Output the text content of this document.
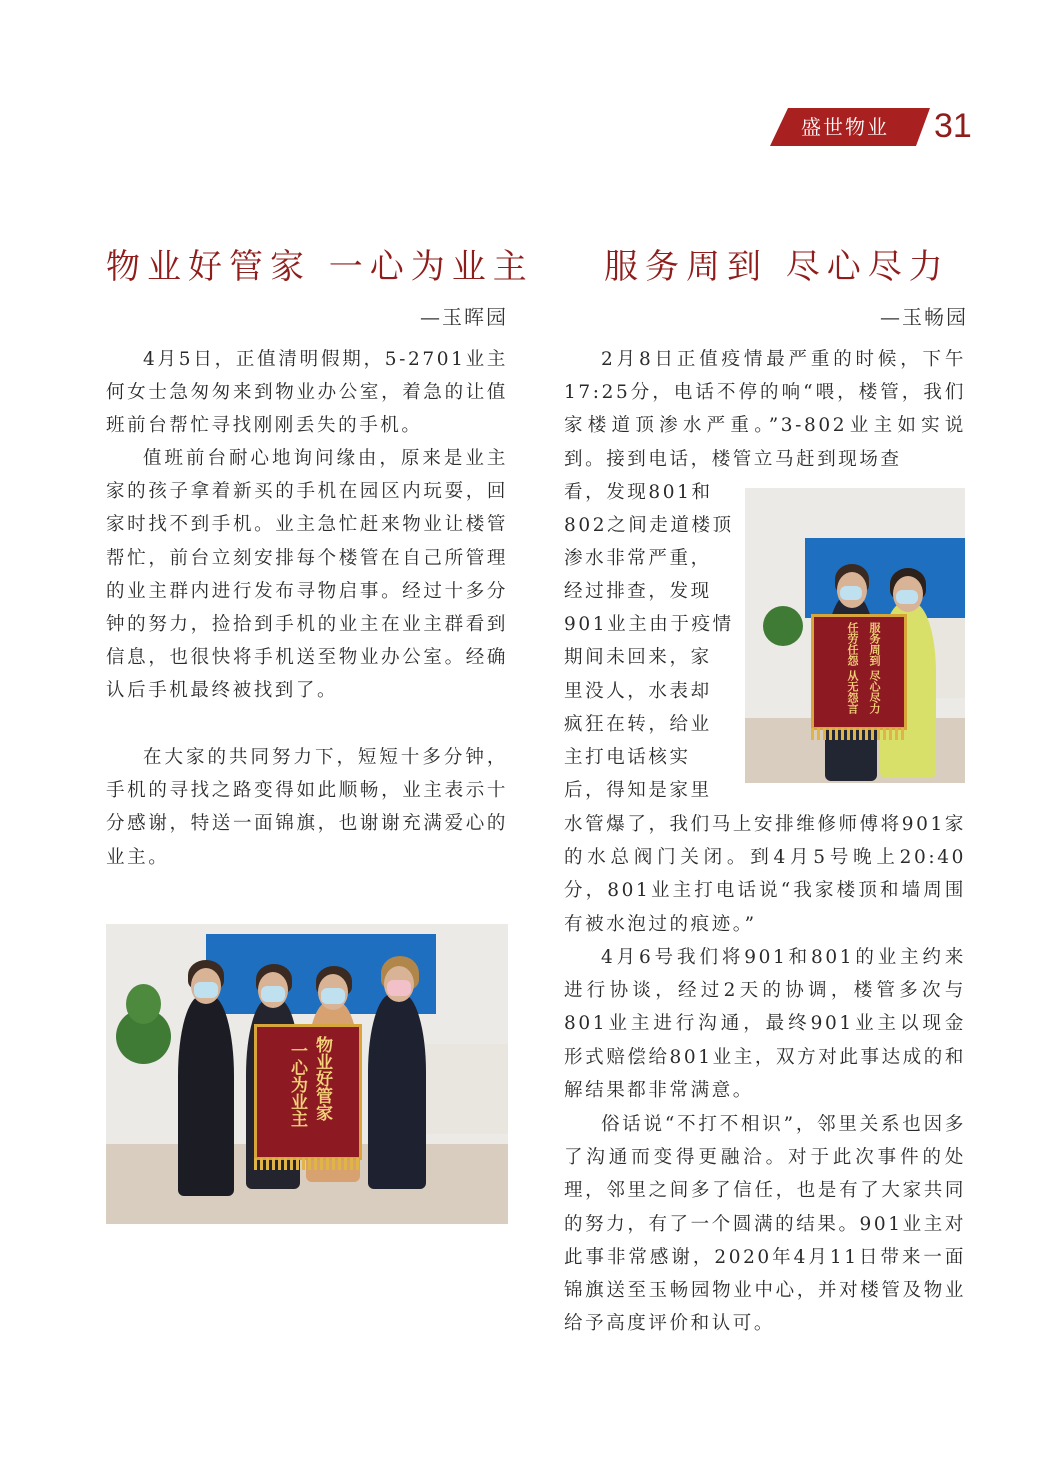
盛世物业	31
物业好管家 一心为业主
—玉晖园

4月5日，正值清明假期，5-2701业主何女士急匆匆来到物业办公室，着急的让值班前台帮忙寻找刚刚丢失的手机。

值班前台耐心地询问缘由，原来是业主家的孩子拿着新买的手机在园区内玩耍，回家时找不到手机。业主急忙赶来物业让楼管帮忙，前台立刻安排每个楼管在自己所管理的业主群内进行发布寻物启事。经过十多分钟的努力，捡拾到手机的业主在业主群看到信息，也很快将手机送至物业办公室。经确认后手机最终被找到了。

在大家的共同努力下，短短十多分钟，手机的寻找之路变得如此顺畅，业主表示十分感谢，特送一面锦旗，也谢谢充满爱心的业主。

物业好管家
一心为业主
服务周到 尽心尽力
—玉畅园

2月8日正值疫情最严重的时候，下午17:25分，电话不停的响“喂，楼管，我们家楼道顶渗水严重。”3-802业主如实说到。接到电话，楼管立马赶到现场查

看，发现801和

802之间走道楼顶

渗水非常严重，

经过排查，发现

901业主由于疫情

期间未回来，家

里没人，水表却

疯狂在转，给业

主打电话核实

后，得知是家里

水管爆了，我们马上安排维修师傅将901家的水总阀门关闭。到4月5号晚上20:40分，801业主打电话说“我家楼顶和墙周围有被水泡过的痕迹。”

4月6号我们将901和801的业主约来进行协谈，经过2天的协调，楼管多次与801业主进行沟通，最终901业主以现金形式赔偿给801业主，双方对此事达成的和解结果都非常满意。

俗话说“不打不相识”，邻里关系也因多了沟通而变得更融洽。对于此次事件的处理，邻里之间多了信任，也是有了大家共同的努力，有了一个圆满的结果。901业主对此事非常感谢，2020年4月11日带来一面锦旗送至玉畅园物业中心，并对楼管及物业给予高度评价和认可。

服务周到 尽心尽力
任劳任怨 从无怨言
